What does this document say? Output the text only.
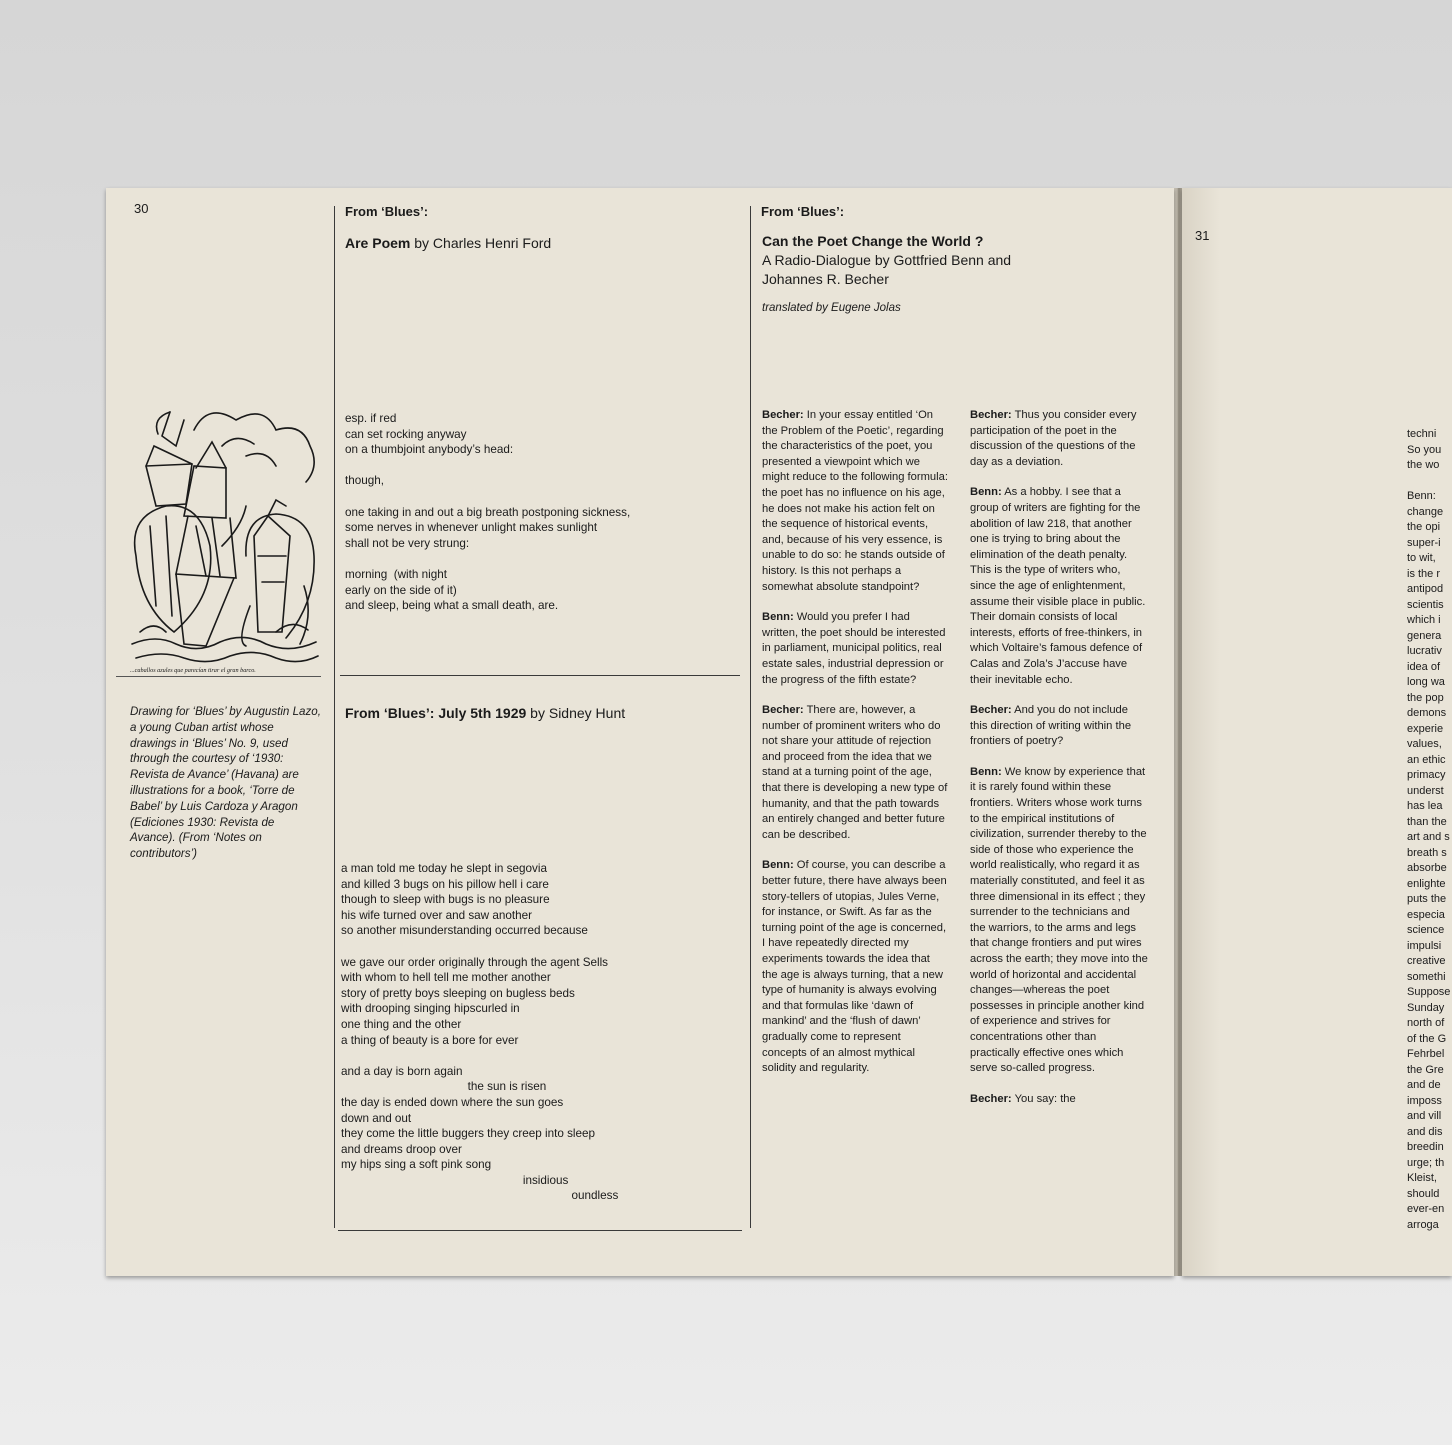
30
...caballos azules que parecían tirar el gran barco.
Drawing for ‘Blues’ by Augustin Lazo, a young Cuban artist whose drawings in ‘Blues’ No. 9, used through the courtesy of ‘1930: Revista de Avance’ (Havana) are illustrations for a book, ‘Torre de Babel’ by Luis Cardoza y Aragon (Ediciones 1930: Revista de Avance). (From ‘Notes on contributors’)
From ‘Blues’:
Are Poem by Charles Henri Ford
esp. if red
can set rocking anyway
on a thumbjoint anybody’s head:

though,

one taking in and out a big breath postponing sickness,
some nerves in whenever unlight makes sunlight
shall not be very strung:

morning  (with night
early on the side of it)
and sleep, being what a small death, are.
From ‘Blues’: July 5th 1929 by Sidney Hunt
a man told me today he slept in segovia
and killed 3 bugs on his pillow hell i care
though to sleep with bugs is no pleasure
his wife turned over and saw another
so another misunderstanding occurred because

we gave our order originally through the agent Sells
with whom to hell tell me mother another
story of pretty boys sleeping on bugless beds
with drooping singing hipscurled in
one thing and the other
a thing of beauty is a bore for ever

and a day is born again
the sun is risen
the day is ended down where the sun goes
down and out
they come the little buggers they creep into sleep
and dreams droop over
my hips sing a soft pink song
insidious
oundless
From ‘Blues’:
Can the Poet Change the World ?
A Radio-Dialogue by Gottfried Benn and
Johannes R. Becher
translated by Eugene Jolas

Becher: In your essay entitled ‘On the Problem of the Poetic’, regarding the characteristics of the poet, you presented a viewpoint which we might reduce to the following formula: the poet has no influence on his age, he does not make his action felt on the sequence of historical events, and, because of his very essence, is unable to do so: he stands outside of history. Is this not perhaps a somewhat absolute standpoint?

Benn: Would you prefer I had written, the poet should be interested in parliament, municipal politics, real estate sales, industrial depression or the progress of the fifth estate?

Becher: There are, however, a number of prominent writers who do not share your attitude of rejection and proceed from the idea that we stand at a turning point of the age, that there is developing a new type of humanity, and that the path towards an entirely changed and better future can be described.

Benn: Of course, you can describe a better future, there have always been story-tellers of utopias, Jules Verne, for instance, or Swift. As far as the turning point of the age is concerned, I have repeatedly directed my experiments towards the idea that the age is always turning, that a new type of humanity is always evolving and that formulas like ‘dawn of mankind’ and the ‘flush of dawn’ gradually come to represent concepts of an almost mythical solidity and regularity.

Becher: Thus you consider every participation of the poet in the discussion of the questions of the day as a deviation.

Benn: As a hobby. I see that a group of writers are fighting for the abolition of law 218, that another one is trying to bring about the elimination of the death penalty. This is the type of writers who, since the age of enlightenment, assume their visible place in public. Their domain consists of local interests, efforts of free-thinkers, in which Voltaire’s famous defence of Calas and Zola’s J’accuse have their inevitable echo.

Becher: And you do not include this direction of writing within the frontiers of poetry?

Benn: We know by experience that it is rarely found within these frontiers. Writers whose work turns to the empirical institutions of civilization, surrender thereby to the side of those who experience the world realistically, who regard it as materially constituted, and feel it as three dimensional in its effect ; they surrender to the technicians and the warriors, to the arms and legs that change frontiers and put wires across the earth; they move into the world of horizontal and accidental changes—whereas the poet possesses in principle another kind of experience and strives for concentrations other than practically effective ones which serve so-called progress.

Becher: You say: the

31
techni
So you
the wo

Benn:
change
the opi
super-i
to wit,
is the r
antipod
scientis
which i
genera
lucrativ
idea of
long wa
the pop
demons
experie
values,
an ethic
primacy
underst
has lea
than the
art and s
breath s
absorbe
enlighte
puts the
especia
science
impulsi
creative
somethi
Suppose
Sunday
north of
of the G
Fehrbel
the Gre
and de
imposs
and vill
and dis
breedin
urge; th
Kleist,
should
ever-en
arroga
